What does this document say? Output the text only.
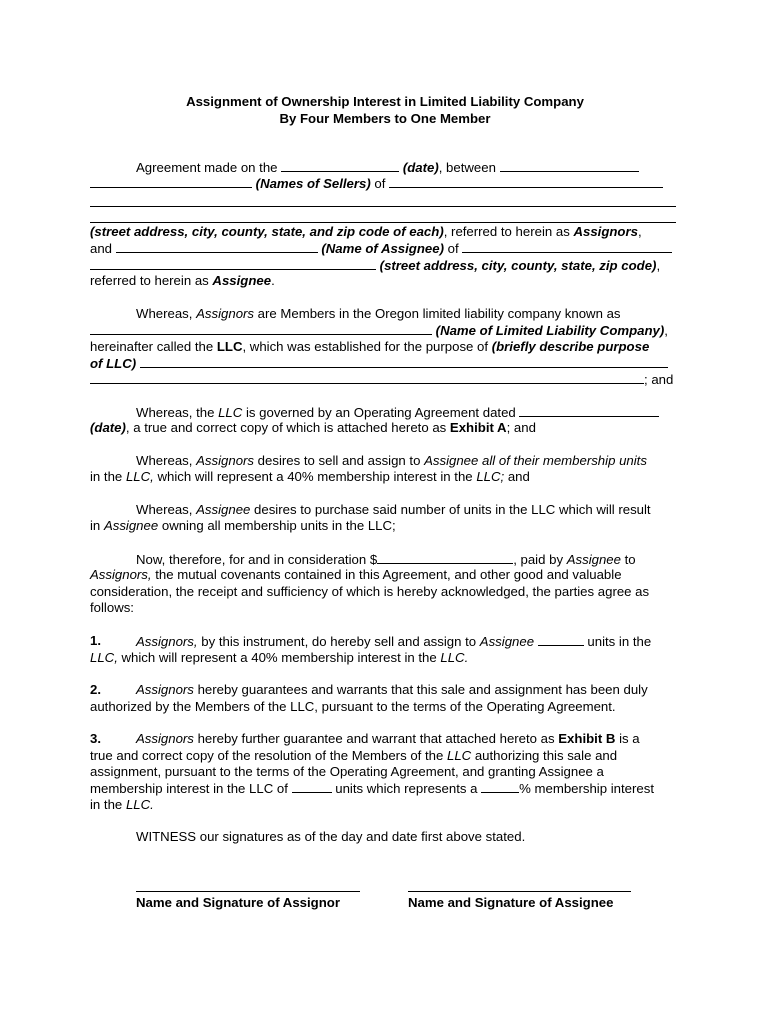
Assignment of Ownership Interest in Limited Liability Company
By Four Members to One Member
Agreement made on the	(date), between
(Names of Sellers) of
(street address, city, county, state, and zip code of each), referred to herein as Assignors,
and	(Name of Assignee) of
(street address, city, county, state, zip code),
referred to herein as Assignee.
Whereas, Assignors are Members in the Oregon limited liability company known as
(Name of Limited Liability Company),
hereinafter called the LLC, which was established for the purpose of (briefly describe purpose
of LLC)
; and
Whereas, the LLC is governed by an Operating Agreement dated
(date), a true and correct copy of which is attached hereto as Exhibit A; and
Whereas, Assignors desires to sell and assign to Assignee all of their membership units
in the LLC, which will represent a 40% membership interest in the LLC; and
Whereas, Assignee desires to purchase said number of units in the LLC which will result
in Assignee owning all membership units in the LLC;
Now, therefore, for and in consideration $	, paid by Assignee to
Assignors, the mutual covenants contained in this Agreement, and other good and valuable
consideration, the receipt and sufficiency of which is hereby acknowledged, the parties agree as
follows:
1.	Assignors, by this instrument, do hereby sell and assign to Assignee	units in the
LLC, which will represent a 40% membership interest in the LLC.
2.	Assignors hereby guarantees and warrants that this sale and assignment has been duly
authorized by the Members of the LLC, pursuant to the terms of the Operating Agreement.
3.	Assignors hereby further guarantee and warrant that attached hereto as Exhibit B is a
true and correct copy of the resolution of the Members of the LLC authorizing this sale and
assignment, pursuant to the terms of the Operating Agreement, and granting Assignee a
membership interest in the LLC of	units which represents a	% membership interest
in the LLC.
WITNESS our signatures as of the day and date first above stated.
Name and Signature of Assignor	Name and Signature of Assignee
